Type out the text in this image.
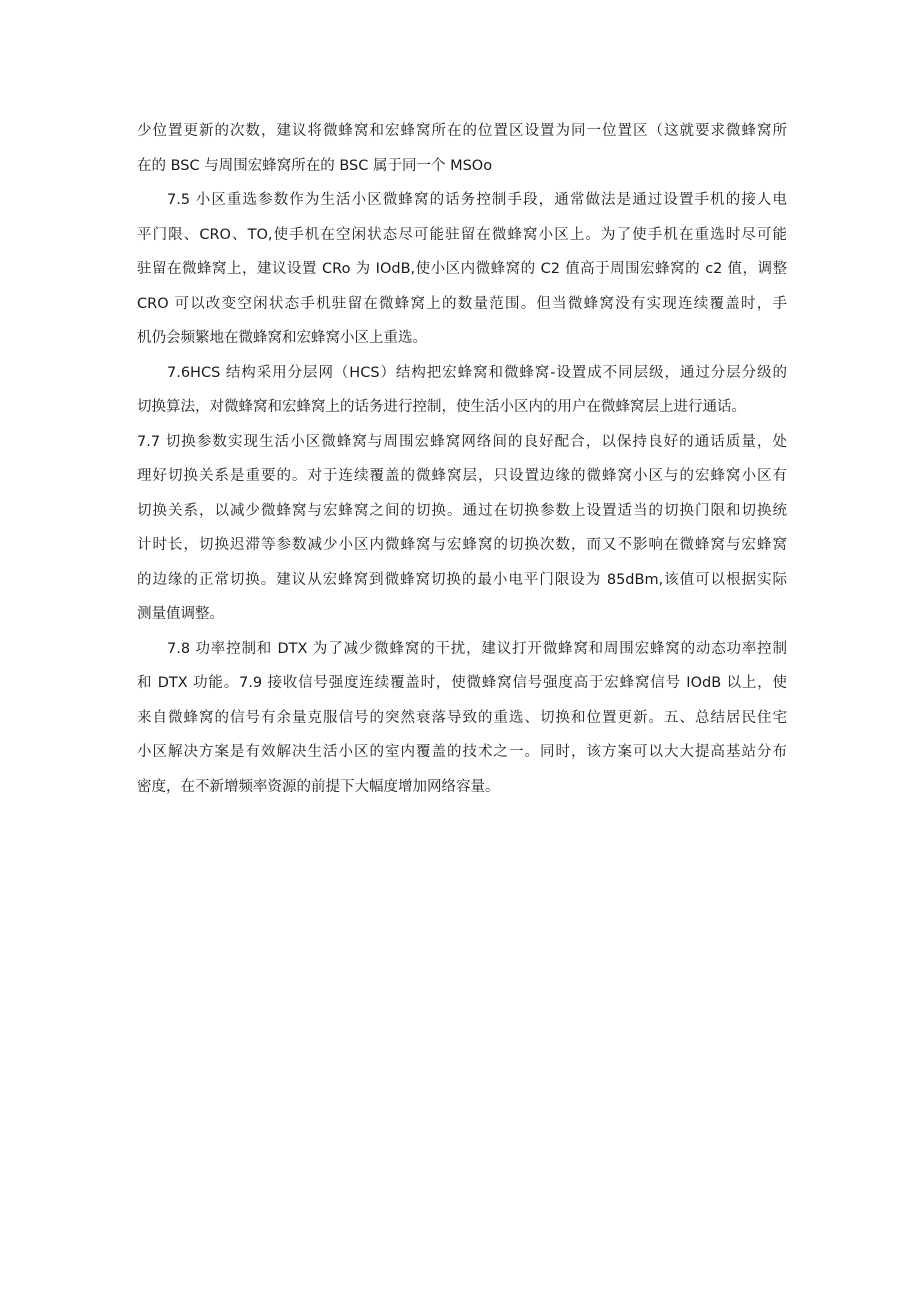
少位置更新的次数，建议将微蜂窝和宏蜂窝所在的位置区设置为同一位置区（这就要求微蜂窝所
在的 BSC 与周围宏蜂窝所在的 BSC 属于同一个 MSOo
7.5 小区重选参数作为生活小区微蜂窝的话务控制手段，通常做法是通过设置手机的接人电
平门限、CRO、TO,使手机在空闲状态尽可能驻留在微蜂窝小区上。为了使手机在重选时尽可能
驻留在微蜂窝上，建议设置 CRo 为 IOdB,使小区内微蜂窝的 C2 值高于周围宏蜂窝的 c2 值，调整
CRO 可以改变空闲状态手机驻留在微蜂窝上的数量范围。但当微蜂窝没有实现连续覆盖时，手
机仍会频繁地在微蜂窝和宏蜂窝小区上重选。
7.6HCS 结构采用分层网（HCS）结构把宏蜂窝和微蜂窝-设置成不同层级，通过分层分级的
切换算法，对微蜂窝和宏蜂窝上的话务进行控制，使生活小区内的用户在微蜂窝层上进行通话。
7.7 切换参数实现生活小区微蜂窝与周围宏蜂窝网络间的良好配合，以保持良好的通话质量，处
理好切换关系是重要的。对于连续覆盖的微蜂窝层，只设置边缘的微蜂窝小区与的宏蜂窝小区有
切换关系，以减少微蜂窝与宏蜂窝之间的切换。通过在切换参数上设置适当的切换门限和切换统
计时长，切换迟滞等参数减少小区内微蜂窝与宏蜂窝的切换次数，而又不影响在微蜂窝与宏蜂窝
的边缘的正常切换。建议从宏蜂窝到微蜂窝切换的最小电平门限设为 85dBm,该值可以根据实际
测量值调整。
7.8 功率控制和 DTX 为了减少微蜂窝的干扰，建议打开微蜂窝和周围宏蜂窝的动态功率控制
和 DTX 功能。7.9 接收信号强度连续覆盖时，使微蜂窝信号强度高于宏蜂窝信号 IOdB 以上，使
来自微蜂窝的信号有余量克服信号的突然衰落导致的重选、切换和位置更新。五、总结居民住宅
小区解决方案是有效解决生活小区的室内覆盖的技术之一。同时，该方案可以大大提高基站分布
密度，在不新增频率资源的前提下大幅度增加网络容量。
